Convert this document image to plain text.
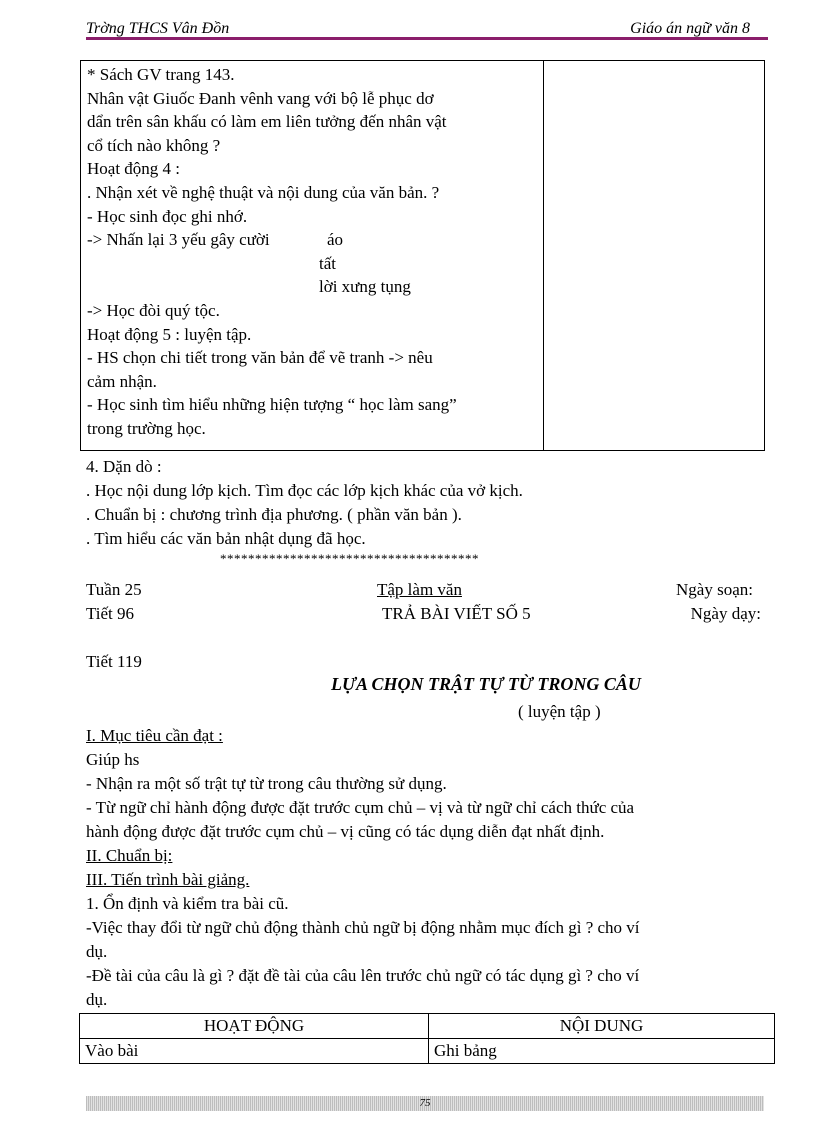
Trờng THCS Vân Đồn	Giáo án ngữ văn 8
* Sách GV trang 143.
Nhân vật Giuốc Đanh vênh vang với bộ lễ phục dơ
dẩn trên sân khấu có làm em liên tưởng đến nhân vật
cổ tích nào không ?
Hoạt động 4 :
. Nhận xét về nghệ thuật và nội dung của văn bản. ?
- Học sinh đọc ghi nhớ.
-> Nhấn lại 3 yếu gây cười	áo
tất
lời xưng tụng
-> Học đòi quý tộc.
Hoạt động 5 : luyện tập.
- HS chọn chi tiết trong văn bản để vẽ tranh -> nêu
cảm nhận.
- Học sinh tìm hiểu những hiện tượng “ học làm sang”
trong trường học.
4. Dặn dò :
. Học nội dung lớp kịch. Tìm đọc các lớp kịch khác của vở kịch.
. Chuẩn bị : chương trình địa phương. ( phần văn bản ).
. Tìm hiểu các văn bản nhật dụng đã học.
*************************************
Tuần 25	Tập làm văn	Ngày soạn:
Tiết 96	TRẢ BÀI VIẾT SỐ 5	Ngày dạy:
Tiết 119
LỰA CHỌN TRẬT TỰ TỪ TRONG CÂU
( luyện tập )
I. Mục tiêu cần đạt :
Giúp hs
- Nhận ra một số trật tự từ trong câu thường sử dụng.
- Từ ngữ chỉ hành động được đặt trước cụm chủ – vị và từ ngữ chỉ cách thức của
hành động được đặt trước cụm chủ – vị cũng có tác dụng diễn đạt nhất định.
II. Chuẩn bị:
III. Tiến trình bài giảng.
1. Ổn định và kiểm tra bài cũ.
-Việc thay đổi từ ngữ chủ động thành chủ ngữ bị động nhằm mục đích gì ? cho ví
dụ.
-Đề tài của câu là gì ? đặt đề tài của câu lên trước chủ ngữ có tác dụng gì ? cho ví
dụ.
HOẠT ĐỘNG	NỘI DUNG
Vào bài	Ghi bảng
75
